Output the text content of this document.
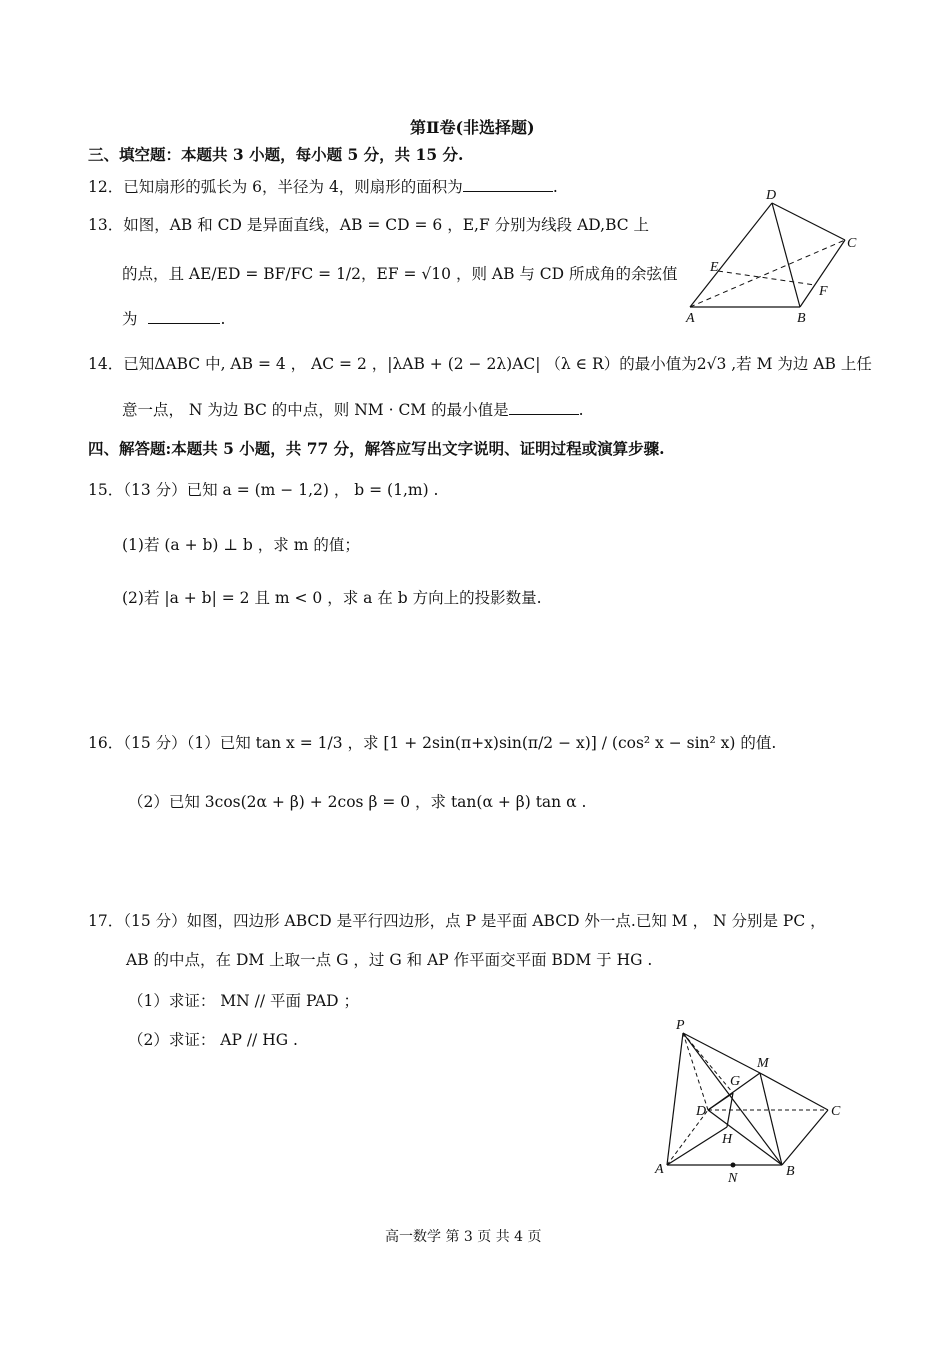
第Ⅱ卷(非选择题)
三、填空题：本题共 3 小题，每小题 5 分，共 15 分.
12．已知扇形的弧长为 6，半径为 4，则扇形的面积为	.
13．如图，AB 和 CD 是异面直线，AB = CD = 6 ，E,F 分别为线段 AD,BC 上
的点，且 AE/ED = BF/FC = 1/2，EF = √10 ，则 AB 与 CD 所成角的余弦值
为	.
D
C
E
F
A	B
14．已知ΔABC 中, AB = 4 ， AC = 2 ，|λAB + (2 − 2λ)AC| （λ ∈ R）的最小值为2√3 ,若 M 为边 AB 上任
意一点， N 为边 BC 的中点，则 NM · CM 的最小值是	.
四、解答题:本题共 5 小题，共 77 分，解答应写出文字说明、证明过程或演算步骤.
15．（13 分）已知 a = (m − 1,2) ， b = (1,m) .
(1)若 (a + b) ⊥ b ，求 m 的值；
(2)若 |a + b| = 2 且 m < 0 ，求 a 在 b 方向上的投影数量.
16．（15 分）（1）已知 tan x = 1/3 ，求 [1 + 2sin(π+x)sin(π/2 − x)] / (cos² x − sin² x) 的值.
（2）已知 3cos(2α + β) + 2cos β = 0 ，求 tan(α + β) tan α .
17．（15 分）如图，四边形 ABCD 是平行四边形，点 P 是平面 ABCD 外一点.已知 M ， N 分别是 PC ，
AB 的中点，在 DM 上取一点 G ，过 G 和 AP 作平面交平面 BDM 于 HG .
（1）求证： MN // 平面 PAD ；
（2）求证： AP // HG .
P
M
G
D	C
H
A
N	B
高一数学 第 3 页 共 4 页
